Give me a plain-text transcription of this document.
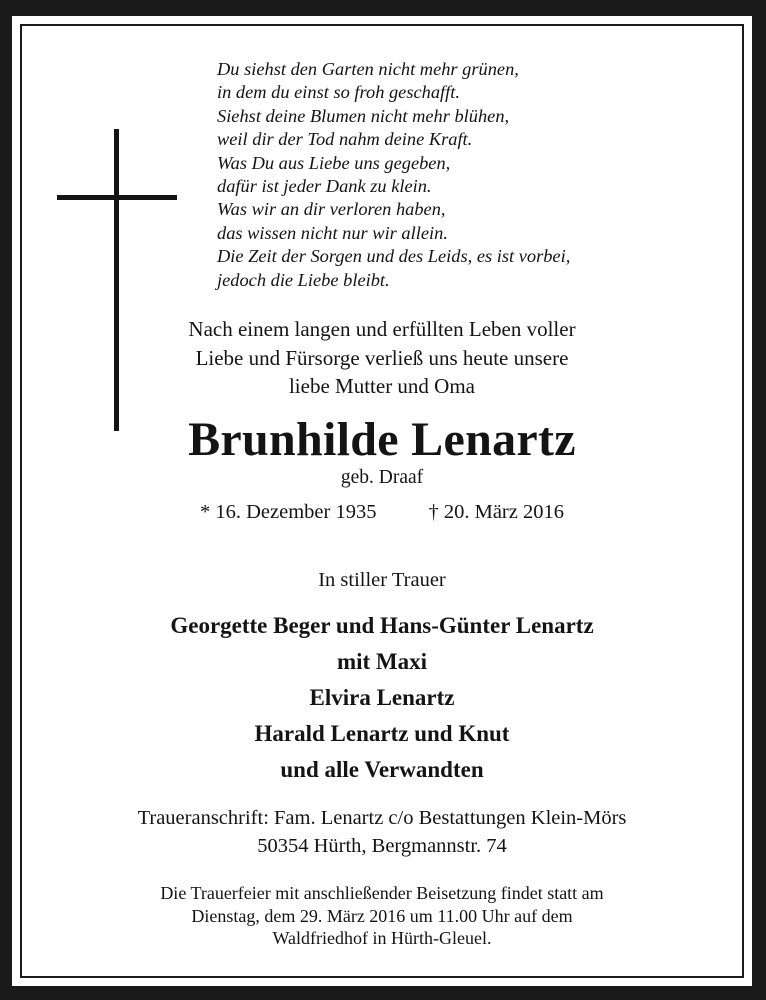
Du siehst den Garten nicht mehr grünen,
in dem du einst so froh geschafft.
Siehst deine Blumen nicht mehr blühen,
weil dir der Tod nahm deine Kraft.
Was Du aus Liebe uns gegeben,
dafür ist jeder Dank zu klein.
Was wir an dir verloren haben,
das wissen nicht nur wir allein.
Die Zeit der Sorgen und des Leids, es ist vorbei,
jedoch die Liebe bleibt.
Nach einem langen und erfüllten Leben voller
Liebe und Fürsorge verließ uns heute unsere
liebe Mutter und Oma
Brunhilde Lenartz
geb. Draaf
* 16. Dezember 1935	† 20. März 2016
In stiller Trauer
Georgette Beger und Hans-Günter Lenartz
mit Maxi
Elvira Lenartz
Harald Lenartz und Knut
und alle Verwandten
Traueranschrift: Fam. Lenartz c/o Bestattungen Klein-Mörs
50354 Hürth, Bergmannstr. 74
Die Trauerfeier mit anschließender Beisetzung findet statt am
Dienstag, dem 29. März 2016 um 11.00 Uhr auf dem
Waldfriedhof in Hürth-Gleuel.
